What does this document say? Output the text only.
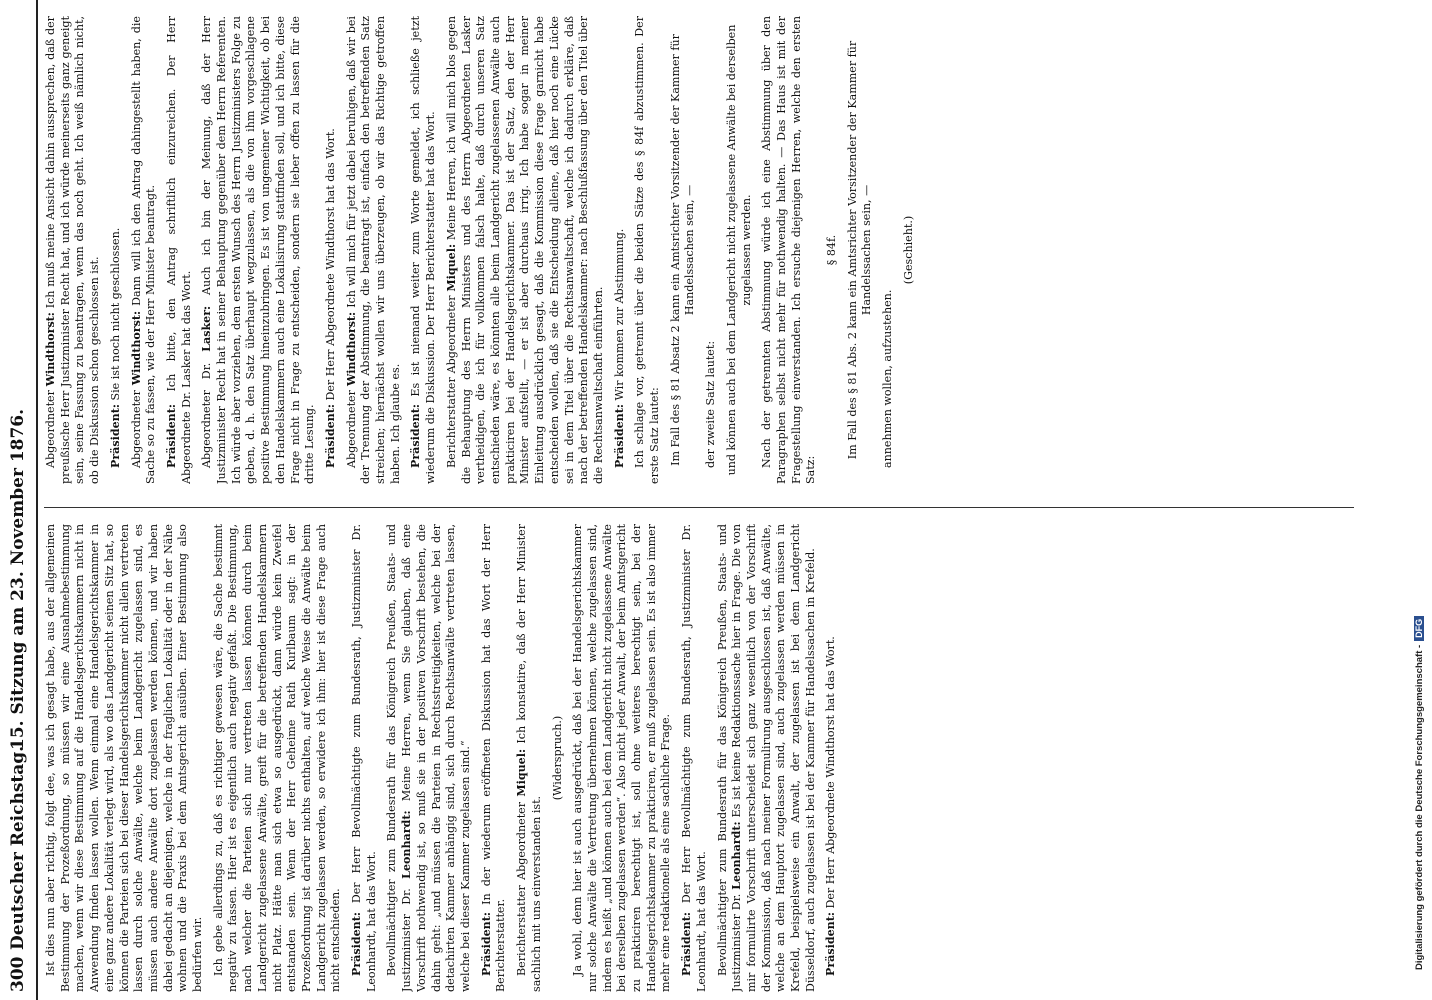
300
Deutscher Reichstag.
15. Sitzung am 23. November 1876. Ist dies nun aber richtig, folgt dee, was ich gesagt habe, aus der allgemeinen Bestimmung der Prozeßordnung, so müssen wir eine Ausnahmebestimmung machen, wenn wir diese Bestimmung auf die Handelsgerichtskammern nicht in Anwendung finden lassen wollen. Wenn einmal eine Handelsgerichtskammer in eine ganz andere Lokalität verlegt wird, als wo das Landgericht seinen Sitz hat, so können die Parteien sich bei dieser Handelsgerichtskammer nicht allein vertreten lassen durch solche Anwälte, welche beim Landgericht zugelassen sind, es müssen auch andere Anwälte dort zugelassen werden können, und wir haben dabei gedacht an diejenigen, welche in der fraglichen Lokalität oder in der Nähe wohnen und die Praxis bei dem Amtsgericht ausüben. Einer Bestimmung also bedürfen wir. Ich gebe allerdings zu, daß es richtiger gewesen wäre, die Sache bestimmt negativ zu fassen. Hier ist es eigentlich auch negativ gefaßt. Die Bestimmung, nach welcher die Parteien sich nur vertreten lassen können durch beim Landgericht zugelassene Anwälte, greift für die betreffenden Handelskammern nicht Platz. Hätte man sich etwa so ausgedrückt, dann würde kein Zweifel entstanden sein. Wenn der Herr Geheime Rath Kurlbaum sagt: in der Prozeßordnung ist darüber nichts enthalten, auf welche Weise die Anwälte beim Landgericht zugelassen werden, so erwidere ich ihm: hier ist diese Frage auch nicht entschieden. Präsident: Der Herr Bevollmächtigte zum Bundesrath, Justizminister Dr. Leonhardt, hat das Wort. Bevollmächtigter zum Bundesrath für das Königreich Preußen, Staats- und Justizminister Dr. Leonhardt: Meine Herren, wenn Sie glauben, daß eine Vorschrift nothwendig ist, so muß sie in der positiven Vorschrift bestehen, die dahin geht: „und müssen die Parteien in Rechtsstreitigkeiten, welche bei der detachirten Kammer anhängig sind, sich durch Rechtsanwälte vertreten lassen, welche bei dieser Kammer zugelassen sind.“ Präsident: In der wiederum eröffneten Diskussion hat das Wort der Herr Berichterstatter. Berichterstatter Abgeordneter Miquel: Ich konstatire, daß der Herr Minister sachlich mit uns einverstanden ist.

(Widerspruch.) Ja wohl, denn hier ist auch ausgedrückt, daß bei der Handelsgerichtskammer nur solche Anwälte die Vertretung übernehmen können, welche zugelassen sind, indem es heißt „und können auch bei dem Landgericht nicht zugelassene Anwälte bei derselben zugelassen werden“. Also nicht jeder Anwalt, der beim Amtsgericht zu prakticiren berechtigt ist, soll ohne weiteres berechtigt sein, bei der Handelsgerichtskammer zu prakticiren, er muß zugelassen sein. Es ist also immer mehr eine redaktionelle als eine sachliche Frage. Präsident: Der Herr Bevollmächtigte zum Bundesrath, Justizminister Dr. Leonhardt, hat das Wort. Bevollmächtigter zum Bundesrath für das Königreich Preußen, Staats- und Justizminister Dr. Leonhardt: Es ist keine Redaktionssache hier in Frage. Die von mir formulirte Vorschrift unterscheidet sich ganz wesentlich von der Vorschrift der Kommission, daß nach meiner Formulirung ausgeschlossen ist, daß Anwälte, welche an dem Hauptort zugelassen sind, auch zugelassen werden müssen in Krefeld, beispielsweise ein Anwalt, der zugelassen ist bei dem Landgericht Düsseldorf, auch zugelassen ist bei der Kammer für Handelssachen in Krefeld. Präsident: Der Herr Abgeordnete Windthorst hat das Wort.

Abgeordneter Windthorst: Ich muß meine Ansicht dahin aussprechen, daß der preußische Herr Justizminister Recht hat, und ich würde meinerseits ganz geneigt sein, seine Fassung zu beantragen, wenn das noch geht. Ich weiß nämlich nicht, ob die Diskussion schon geschlossen ist. Präsident: Sie ist noch nicht geschlossen.

Abgeordneter Windthorst: Dann will ich den Antrag dahingestellt haben, die Sache so zu fassen, wie der Herr Minister beantragt. Präsident: Ich bitte, den Antrag schriftlich einzureichen. Der Herr Abgeordnete Dr. Lasker hat das Wort. Abgeordneter Dr. Lasker: Auch ich bin der Meinung, daß der Herr Justizminister Recht hat in seiner Behauptung gegenüber dem Herrn Referenten. Ich würde aber vorziehen, dem ersten Wunsch des Herrn Justizministers Folge zu geben, d. h. den Satz überhaupt wegzulassen, als die von ihm vorgeschlagene positive Bestimmung hineinzubringen. Es ist von ungemeiner Wichtigkeit, ob bei den Handelskammern auch eine Lokalisirung stattfinden soll, und ich bitte, diese Frage nicht in Frage zu entscheiden, sondern sie lieber offen zu lassen für die dritte Lesung. Präsident: Der Herr Abgeordnete Windthorst hat das Wort.

Abgeordneter Windthorst: Ich will mich für jetzt dabei beruhigen, daß wir bei der Trennung der Abstimmung, die beantragt ist, einfach den betreffenden Satz streichen; hiernächst wollen wir uns überzeugen, ob wir das Richtige getroffen haben. Ich glaube es. Präsident: Es ist niemand weiter zum Worte gemeldet, ich schließe jetzt wiederum die Diskussion. Der Herr Berichterstatter hat das Wort. Berichterstatter Abgeordneter Miquel: Meine Herren, ich will mich blos gegen die Behauptung des Herrn Ministers und des Herrn Abgeordneten Lasker vertheidigen, die ich für vollkommen falsch halte, daß durch unseren Satz entschieden wäre, es könnten alle beim Landgericht zugelassenen Anwälte auch prakticiren bei der Handelsgerichtskammer. Das ist der Satz, den der Herr Minister aufstellt, — er ist aber durchaus irrig. Ich habe sogar in meiner Einleitung ausdrücklich gesagt, daß die Kommission diese Frage garnicht habe entscheiden wollen, daß sie die Entscheidung alleine, daß hier noch eine Lücke sei in dem Titel über die Rechtsanwaltschaft, welche ich dadurch erkläre, daß nach der betreffenden Handelskammer: nach Beschlußfassung über den Titel über die Rechtsanwaltschaft einführten. Präsident: Wir kommen zur Abstimmung. Ich schlage vor, getrennt über die beiden Sätze des § 84f abzustimmen. Der erste Satz lautet: Im Fall des § 81 Absatz 2 kann ein Amtsrichter Vorsitzender der Kammer für Handelssachen sein, —

der zweite Satz lautet: und können auch bei dem Landgericht nicht zugelassene Anwälte bei derselben zugelassen werden. Nach der getrennten Abstimmung würde ich eine Abstimmung über den Paragraphen selbst nicht mehr für nothwendig halten. — Das Haus ist mit der Fragestellung einverstanden. Ich ersuche diejenigen Herren, welche den ersten Satz:

§ 84f. Im Fall des § 81 Abs. 2 kann ein Amtsrichter Vorsitzender der Kammer für Handelssachen sein, —

annehmen wollen, aufzustehen.

(Geschieht.)

Digitalisierung gefördert durch die Deutsche Forschungsgemeinschaft -DFG
